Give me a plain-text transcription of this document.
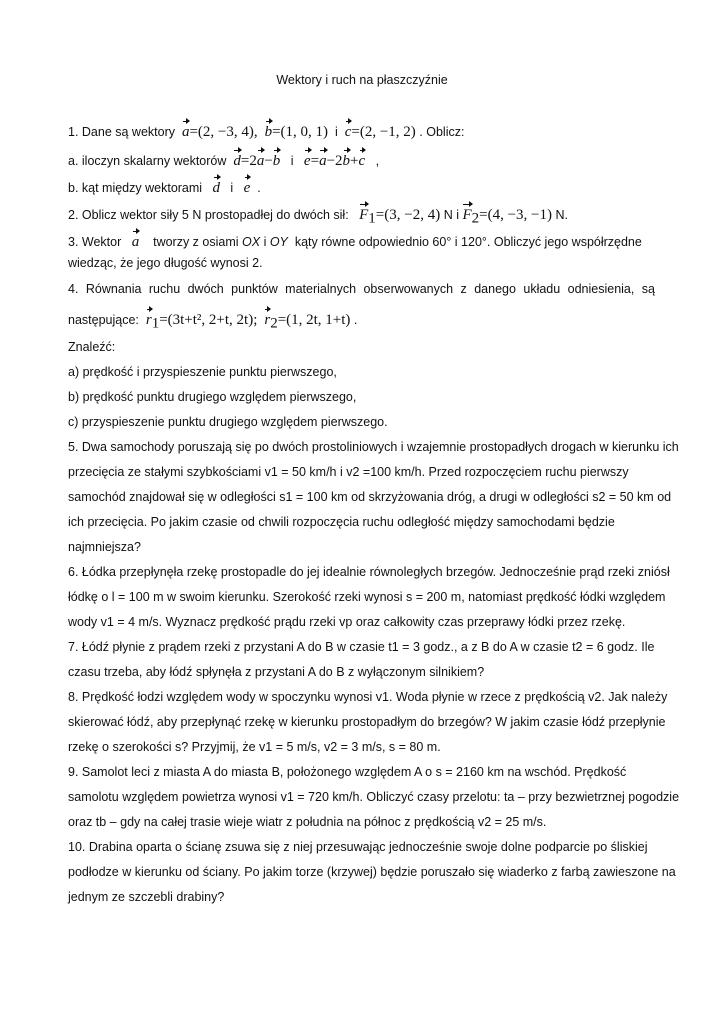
Wektory i ruch na płaszczyźnie
1. Dane są wektory a=(2, −3, 4), b=(1, 0, 1) i c=(2, −1, 2) . Oblicz:
a. iloczyn skalarny wektorów d=2a−b i e=a−2b+c ,
b. kąt między wektorami d i e .
2. Oblicz wektor siły 5 N prostopadłej do dwóch sił: $F_1=(3$, −2, 4) N i $F_2=(4$, −3, −1) N.
3. Wektor a tworzy z osiami OX i OY kąty równe odpowiednio 60° i 120°. Obliczyć jego współrzędne
wiedząc, że jego długość wynosi 2.
4. Równania ruchu dwóch punktów materialnych obserwowanych z danego układu odniesienia, są
następujące: $r_1=(3t+t^2$, 2+t, 2t); $r_2=(1$, 2t, 1+t) .
Znaleźć:
a) prędkość i przyspieszenie punktu pierwszego,
b) prędkość punktu drugiego względem pierwszego,
c) przyspieszenie punktu drugiego względem pierwszego.
5. Dwa samochody poruszają się po dwóch prostoliniowych i wzajemnie prostopadłych drogach w kierunku ich
przecięcia ze stałymi szybkościami v1 = 50 km/h i v2 =100 km/h. Przed rozpoczęciem ruchu pierwszy
samochód znajdował się w odległości s1 = 100 km od skrzyżowania dróg, a drugi w odległości s2 = 50 km od
ich przecięcia. Po jakim czasie od chwili rozpoczęcia ruchu odległość między samochodami będzie
najmniejsza?
6. Łódka przepłynęła rzekę prostopadle do jej idealnie równoległych brzegów. Jednocześnie prąd rzeki zniósł
łódkę o l = 100 m w swoim kierunku. Szerokość rzeki wynosi s = 200 m, natomiast prędkość łódki względem
wody v1 = 4 m/s. Wyznacz prędkość prądu rzeki vp oraz całkowity czas przeprawy łódki przez rzekę.
7. Łódź płynie z prądem rzeki z przystani A do B w czasie t1 = 3 godz., a z B do A w czasie t2 = 6 godz. Ile
czasu trzeba, aby łódź spłynęła z przystani A do B z wyłączonym silnikiem?
8. Prędkość łodzi względem wody w spoczynku wynosi v1. Woda płynie w rzece z prędkością v2. Jak należy
skierować łódź, aby przepłynąć rzekę w kierunku prostopadłym do brzegów? W jakim czasie łódź przepłynie
rzekę o szerokości s? Przyjmij, że v1 = 5 m/s, v2 = 3 m/s, s = 80 m.
9. Samolot leci z miasta A do miasta B, położonego względem A o s = 2160 km na wschód. Prędkość
samolotu względem powietrza wynosi v1 = 720 km/h. Obliczyć czasy przelotu: ta – przy bezwietrznej pogodzie
oraz tb – gdy na całej trasie wieje wiatr z południa na północ z prędkością v2 = 25 m/s.
10. Drabina oparta o ścianę zsuwa się z niej przesuwając jednocześnie swoje dolne podparcie po śliskiej
podłodze w kierunku od ściany. Po jakim torze (krzywej) będzie poruszało się wiaderko z farbą zawieszone na
jednym ze szczebli drabiny?
